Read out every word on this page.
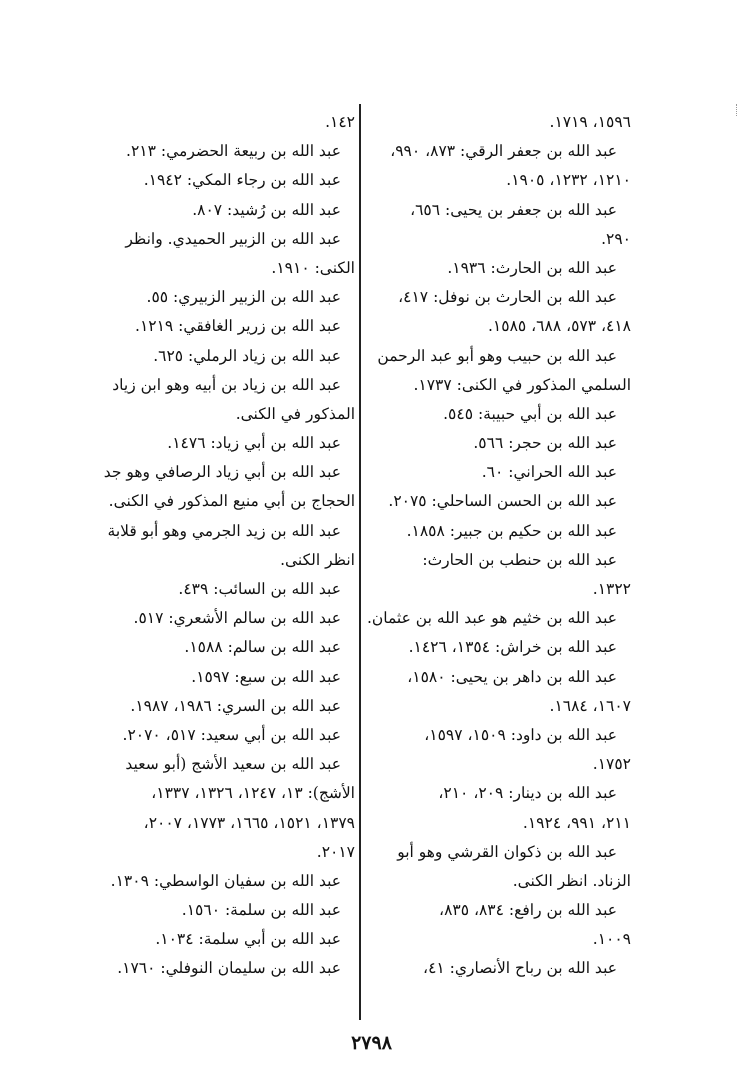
١٥٩٦، ١٧١٩.
عبد الله بن جعفر الرقي: ٨٧٣، ٩٩٠،
١٢١٠، ١٢٣٢، ١٩٠٥.
عبد الله بن جعفر بن يحيى: ٦٥٦،
٢٩٠.
عبد الله بن الحارث: ١٩٣٦.
عبد الله بن الحارث بن نوفل: ٤١٧،
٤١٨، ٥٧٣، ٦٨٨، ١٥٨٥.
عبد الله بن حبيب وهو أبو عبد الرحمن
السلمي المذكور في الكنى: ١٧٣٧.
عبد الله بن أبي حبيبة: ٥٤٥.
عبد الله بن حجر: ٥٦٦.
عبد الله الحراني: ٦٠.
عبد الله بن الحسن الساحلي: ٢٠٧٥.
عبد الله بن حكيم بن جبير: ١٨٥٨.
عبد الله بن حنطب بن الحارث:
١٣٢٢.
عبد الله بن خثيم هو عبد الله بن عثمان.
عبد الله بن خراش: ١٣٥٤، ١٤٢٦.
عبد الله بن داهر بن يحيى: ١٥٨٠،
١٦٠٧، ١٦٨٤.
عبد الله بن داود: ١٥٠٩، ١٥٩٧،
١٧٥٢.
عبد الله بن دينار: ٢٠٩، ٢١٠،
٢١١، ٩٩١، ١٩٢٤.
عبد الله بن ذكوان القرشي وهو أبو
الزناد. انظر الكنى.
عبد الله بن رافع: ٨٣٤، ٨٣٥،
١٠٠٩.
عبد الله بن رباح الأنصاري: ٤١،
١٤٢.
عبد الله بن ربيعة الحضرمي: ٢١٣.
عبد الله بن رجاء المكي: ١٩٤٢.
عبد الله بن رُشيد: ٨٠٧.
عبد الله بن الزبير الحميدي. وانظر
الكنى: ١٩١٠.
عبد الله بن الزبير الزبيري: ٥٥.
عبد الله بن زرير الغافقي: ١٢١٩.
عبد الله بن زياد الرملي: ٦٢٥.
عبد الله بن زياد بن أبيه وهو ابن زياد
المذكور في الكنى.
عبد الله بن أبي زياد: ١٤٧٦.
عبد الله بن أبي زياد الرصافي وهو جد
الحجاج بن أبي منيع المذكور في الكنى.
عبد الله بن زيد الجرمي وهو أبو قلابة
انظر الكنى.
عبد الله بن السائب: ٤٣٩.
عبد الله بن سالم الأشعري: ٥١٧.
عبد الله بن سالم: ١٥٨٨.
عبد الله بن سبع: ١٥٩٧.
عبد الله بن السري: ١٩٨٦، ١٩٨٧.
عبد الله بن أبي سعيد: ٥١٧، ٢٠٧٠.
عبد الله بن سعيد الأشج (أبو سعيد
الأشج): ١٣، ١٢٤٧، ١٣٢٦، ١٣٣٧،
١٣٧٩، ١٥٢١، ١٦٦٥، ١٧٧٣، ٢٠٠٧،
٢٠١٧.
عبد الله بن سفيان الواسطي: ١٣٠٩.
عبد الله بن سلمة: ١٥٦٠.
عبد الله بن أبي سلمة: ١٠٣٤.
عبد الله بن سليمان النوفلي: ١٧٦٠.
٢٧٩٨
